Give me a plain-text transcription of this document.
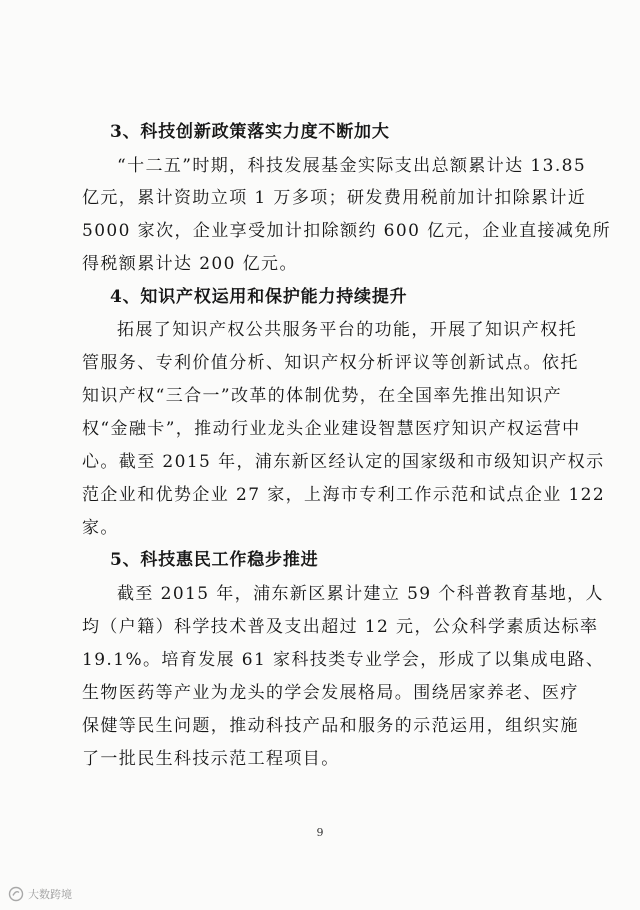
3、科技创新政策落实力度不断加大
“十二五”时期，科技发展基金实际支出总额累计达 13.85
亿元，累计资助立项 1 万多项；研发费用税前加计扣除累计近
5000 家次，企业享受加计扣除额约 600 亿元，企业直接减免所
得税额累计达 200 亿元。
4、知识产权运用和保护能力持续提升
拓展了知识产权公共服务平台的功能，开展了知识产权托
管服务、专利价值分析、知识产权分析评议等创新试点。依托
知识产权“三合一”改革的体制优势，在全国率先推出知识产
权“金融卡”，推动行业龙头企业建设智慧医疗知识产权运营中
心。截至 2015 年，浦东新区经认定的国家级和市级知识产权示
范企业和优势企业 27 家，上海市专利工作示范和试点企业 122
家。
5、科技惠民工作稳步推进
截至 2015 年，浦东新区累计建立 59 个科普教育基地，人
均（户籍）科学技术普及支出超过 12 元，公众科学素质达标率
19.1%。培育发展 61 家科技类专业学会，形成了以集成电路、
生物医药等产业为龙头的学会发展格局。围绕居家养老、医疗
保健等民生问题，推动科技产品和服务的示范运用，组织实施
了一批民生科技示范工程项目。
9
大数跨境
